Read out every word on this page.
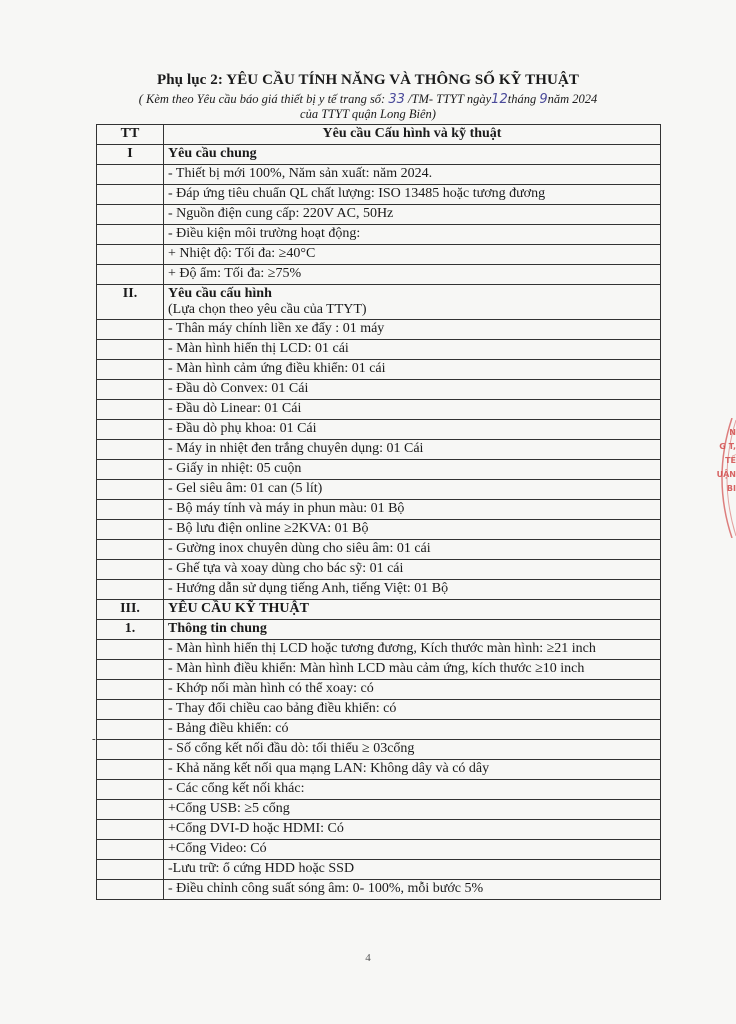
Phụ lục 2: YÊU CẦU TÍNH NĂNG VÀ THÔNG SỐ KỸ THUẬT
( Kèm theo Yêu cầu báo giá thiết bị y tế trang số: 33 /TM- TTYT ngày12tháng 9năm 2024
của TTYT quận Long Biên)
TT	Yêu cầu Cấu hình và kỹ thuật
I	Yêu cầu chung
	- Thiết bị mới 100%, Năm sản xuất: năm 2024.
	- Đáp ứng tiêu chuẩn QL chất lượng: ISO 13485 hoặc tương đương
	- Nguồn điện cung cấp: 220V AC, 50Hz
	- Điều kiện môi trường hoạt động:
	+ Nhiệt độ: Tối đa: ≥40°C
	+ Độ ẩm: Tối đa: ≥75%
II.	Yêu cầu cấu hình
(Lựa chọn theo yêu cầu của TTYT)

	- Thân máy chính liền xe đẩy : 01 máy
	- Màn hình hiển thị LCD: 01 cái
	- Màn hình cảm ứng điều khiển: 01 cái
	- Đầu dò Convex: 01 Cái
	- Đầu dò Linear: 01 Cái
	- Đầu dò phụ khoa: 01 Cái
	- Máy in nhiệt đen trắng chuyên dụng: 01 Cái
	- Giấy in nhiệt: 05 cuộn
	- Gel siêu âm: 01 can (5 lít)
	- Bộ máy tính và máy in phun màu: 01 Bộ
	- Bộ lưu điện online ≥2KVA: 01 Bộ
	- Gường inox chuyên dùng cho siêu âm: 01 cái
	- Ghế tựa và xoay dùng cho bác sỹ: 01 cái
	- Hướng dẫn sử dụng tiếng Anh, tiếng Việt: 01 Bộ
III.	YÊU CẦU KỸ THUẬT
1.	Thông tin chung
	- Màn hình hiển thị LCD hoặc tương đương, Kích thước màn hình: ≥21 inch
	- Màn hình điều khiển: Màn hình LCD màu cảm ứng, kích thước ≥10 inch
	- Khớp nối màn hình có thể xoay: có
	- Thay đổi chiều cao bảng điều khiển: có
	- Bảng điều khiển: có
	- Số cổng kết nối đầu dò: tối thiểu ≥ 03cổng
	- Khả năng kết nối qua mạng LAN: Không dây và có dây
	- Các cổng kết nối khác:
	+Cổng USB: ≥5 cổng
	+Cổng DVI-D hoặc HDMI: Có
	+Cổng Video: Có
	-Lưu trữ: ổ cứng HDD hoặc SSD
	- Điều chỉnh công suất sóng âm: 0- 100%, mỗi bước 5%
-
N
G T,
TẾ
UẬN
BI
4
